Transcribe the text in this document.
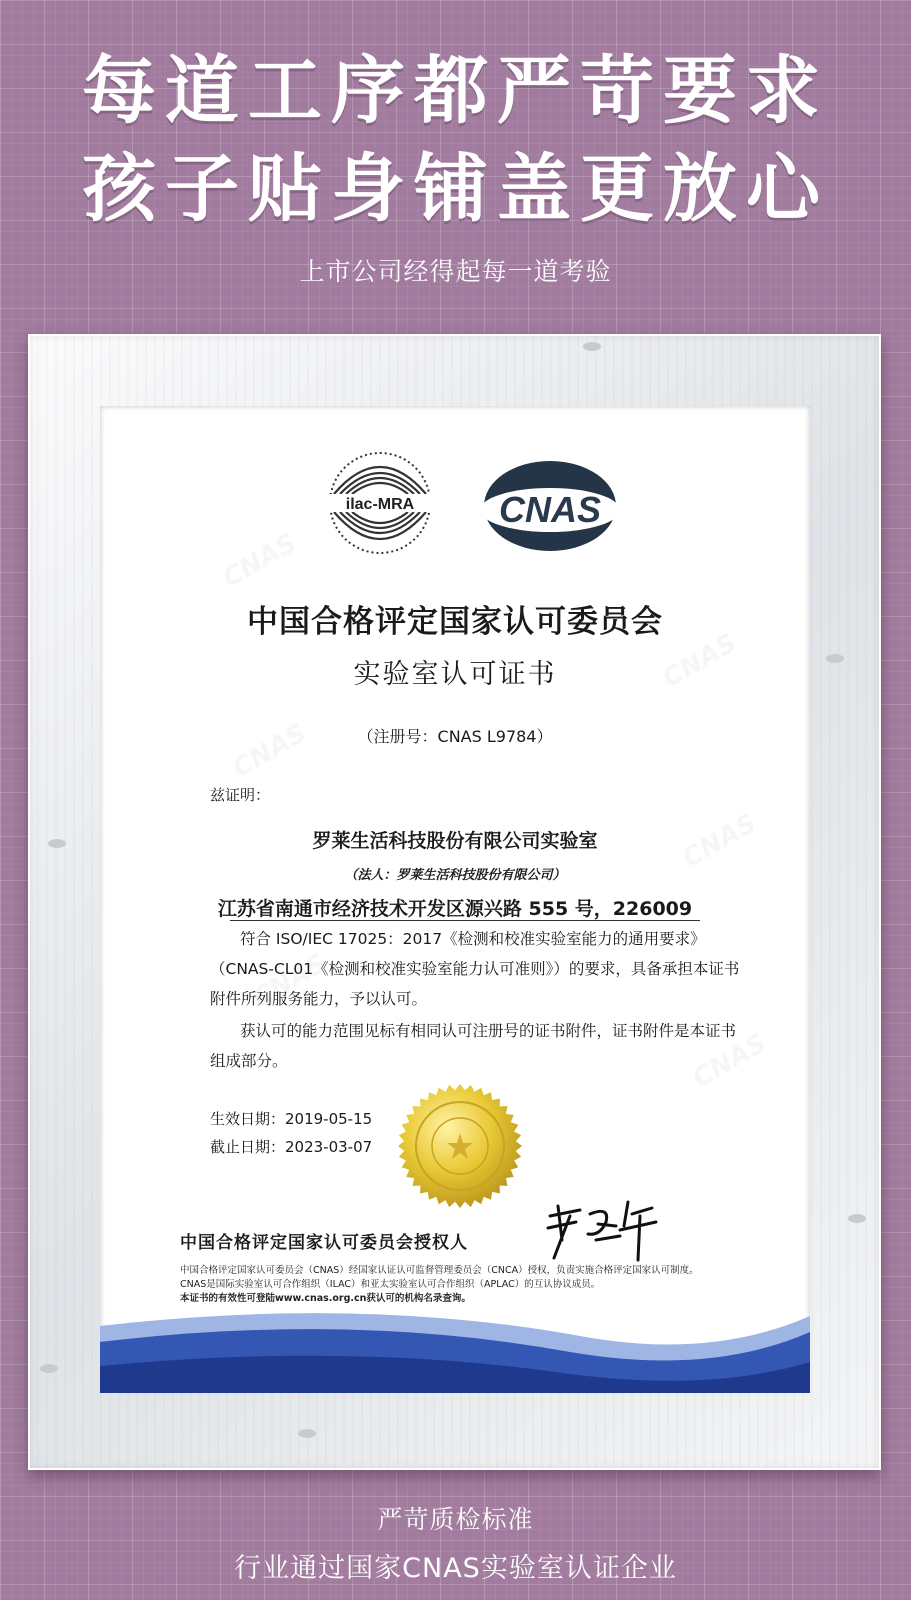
每道工序都严苛要求
孩子贴身铺盖更放心
上市公司经得起每一道考验
ilac-MRA CNAS
中国合格评定国家认可委员会
实验室认可证书
（注册号：CNAS L9784）
兹证明：
罗莱生活科技股份有限公司实验室
（法人：罗莱生活科技股份有限公司）
江苏省南通市经济技术开发区源兴路 555 号，226009
符合 ISO/IEC 17025：2017《检测和校准实验室能力的通用要求》（CNAS-CL01《检测和校准实验室能力认可准则》）的要求，具备承担本证书附件所列服务能力，予以认可。
获认可的能力范围见标有相同认可注册号的证书附件，证书附件是本证书组成部分。
生效日期：2019-05-15
截止日期：2023-03-07
中国合格评定国家认可委员会授权人
中国合格评定国家认可委员会（CNAS）经国家认证认可监督管理委员会（CNCA）授权，负责实施合格评定国家认可制度。
CNAS是国际实验室认可合作组织（ILAC）和亚太实验室认可合作组织（APLAC）的互认协议成员。
本证书的有效性可登陆www.cnas.org.cn获认可的机构名录查询。
严苛质检标准
行业通过国家CNAS实验室认证企业
